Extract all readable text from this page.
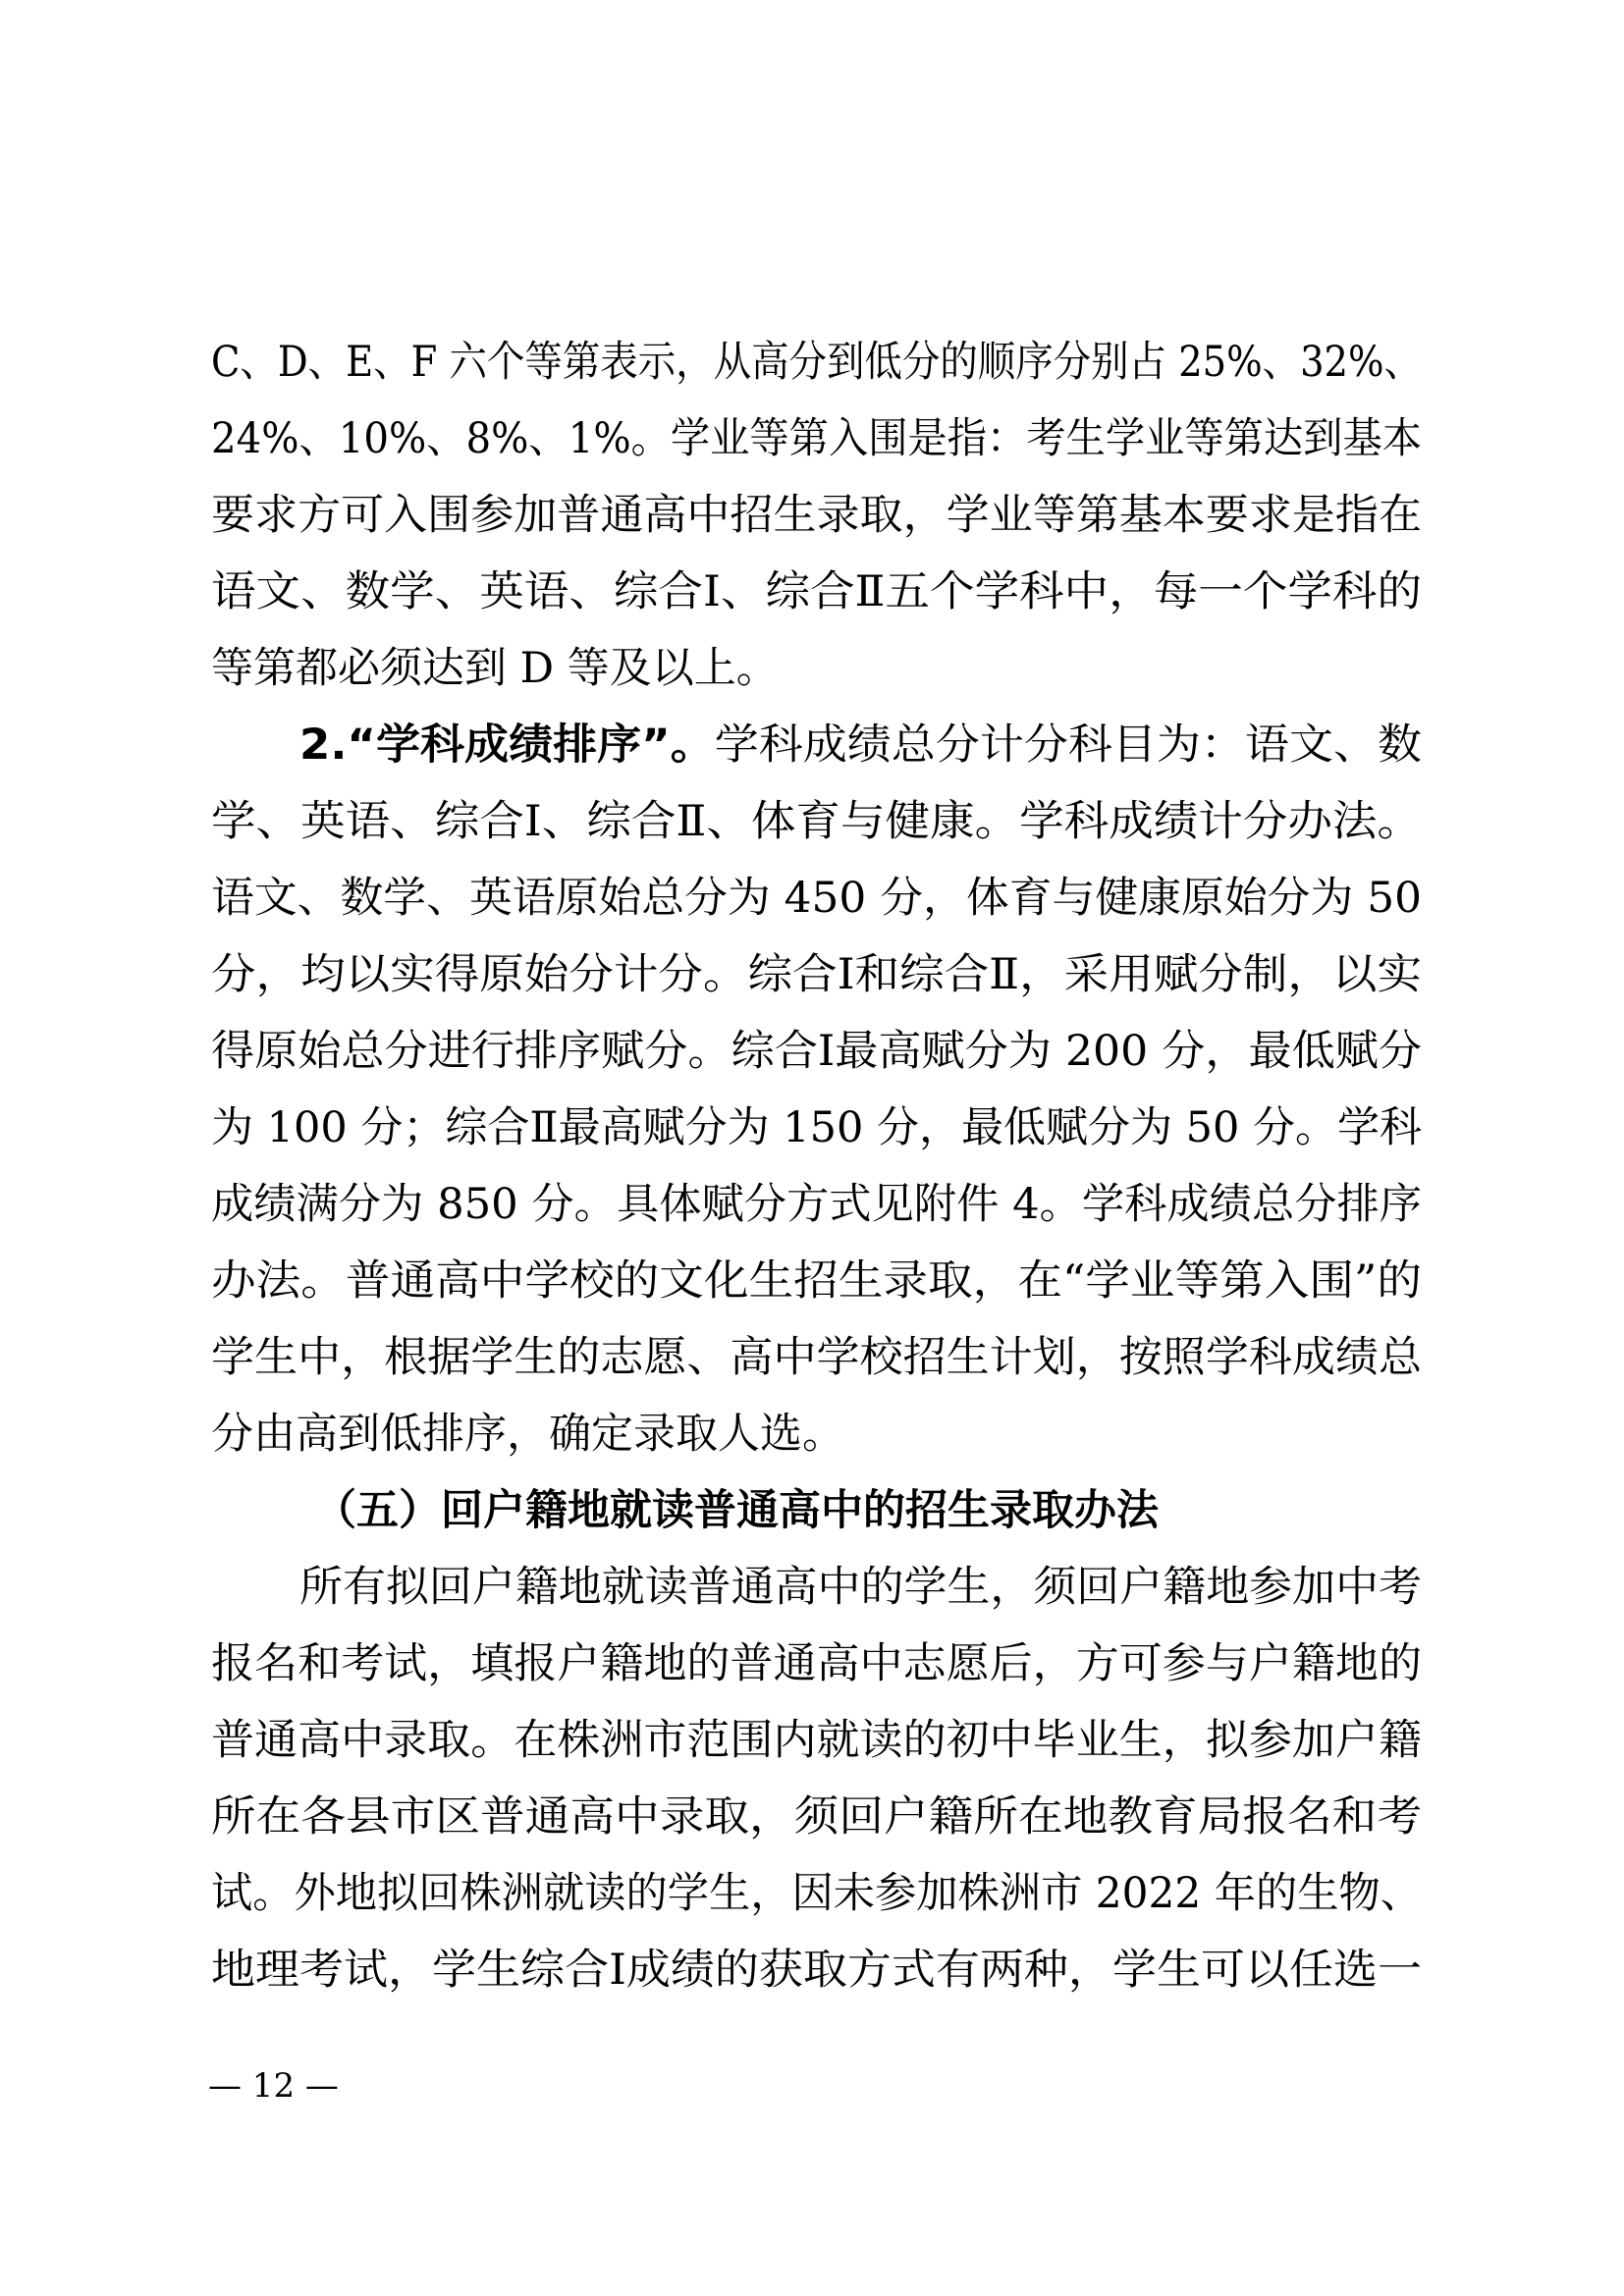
C、D、E、F 六个等第表示，从高分到低分的顺序分别占 25%、32%、
24%、10%、8%、1%。学业等第入围是指：考生学业等第达到基本
要求方可入围参加普通高中招生录取，学业等第基本要求是指在
语文、数学、英语、综合Ⅰ、综合Ⅱ五个学科中，每一个学科的
等第都必须达到 D 等及以上。
2.“学科成绩排序”。学科成绩总分计分科目为：语文、数
学、英语、综合Ⅰ、综合Ⅱ、体育与健康。学科成绩计分办法。
语文、数学、英语原始总分为 450 分，体育与健康原始分为 50
分，均以实得原始分计分。综合Ⅰ和综合Ⅱ，采用赋分制，以实
得原始总分进行排序赋分。综合Ⅰ最高赋分为 200 分，最低赋分
为 100 分；综合Ⅱ最高赋分为 150 分，最低赋分为 50 分。学科
成绩满分为 850 分。具体赋分方式见附件 4。学科成绩总分排序
办法。普通高中学校的文化生招生录取，在“学业等第入围”的
学生中，根据学生的志愿、高中学校招生计划，按照学科成绩总
分由高到低排序，确定录取人选。
（五）回户籍地就读普通高中的招生录取办法
所有拟回户籍地就读普通高中的学生，须回户籍地参加中考
报名和考试，填报户籍地的普通高中志愿后，方可参与户籍地的
普通高中录取。在株洲市范围内就读的初中毕业生，拟参加户籍
所在各县市区普通高中录取，须回户籍所在地教育局报名和考
试。外地拟回株洲就读的学生，因未参加株洲市 2022 年的生物、
地理考试，学生综合Ⅰ成绩的获取方式有两种，学生可以任选一
— 12 —
